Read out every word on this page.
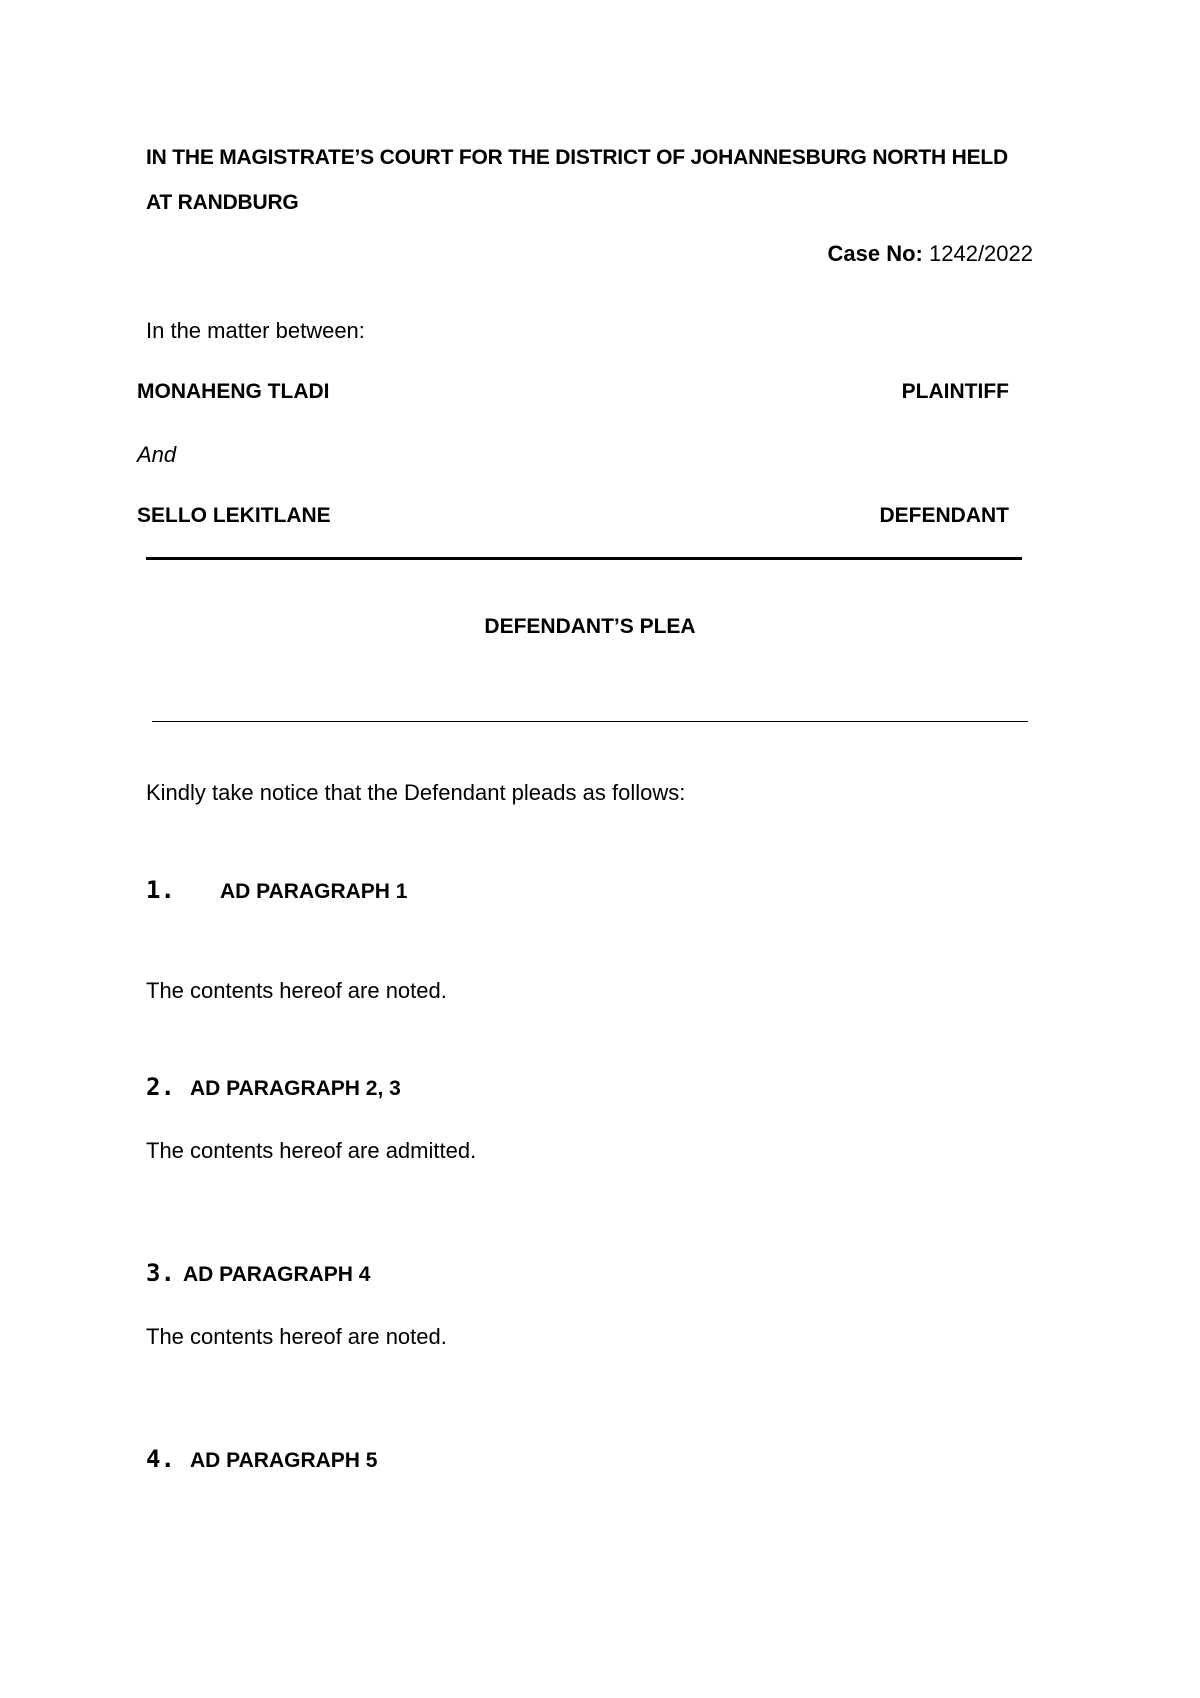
IN THE MAGISTRATE’S COURT FOR THE DISTRICT OF JOHANNESBURG NORTH HELD
AT RANDBURG
Case No: 1242/2022
In the matter between:
MONAHENG TLADI	PLAINTIFF
And
SELLO LEKITLANE	DEFENDANT
DEFENDANT’S PLEA
Kindly take notice that the Defendant pleads as follows:
1. AD PARAGRAPH 1
The contents hereof are noted.
2. AD PARAGRAPH 2, 3
The contents hereof are admitted.
3. AD PARAGRAPH 4
The contents hereof are noted.
4. AD PARAGRAPH 5
